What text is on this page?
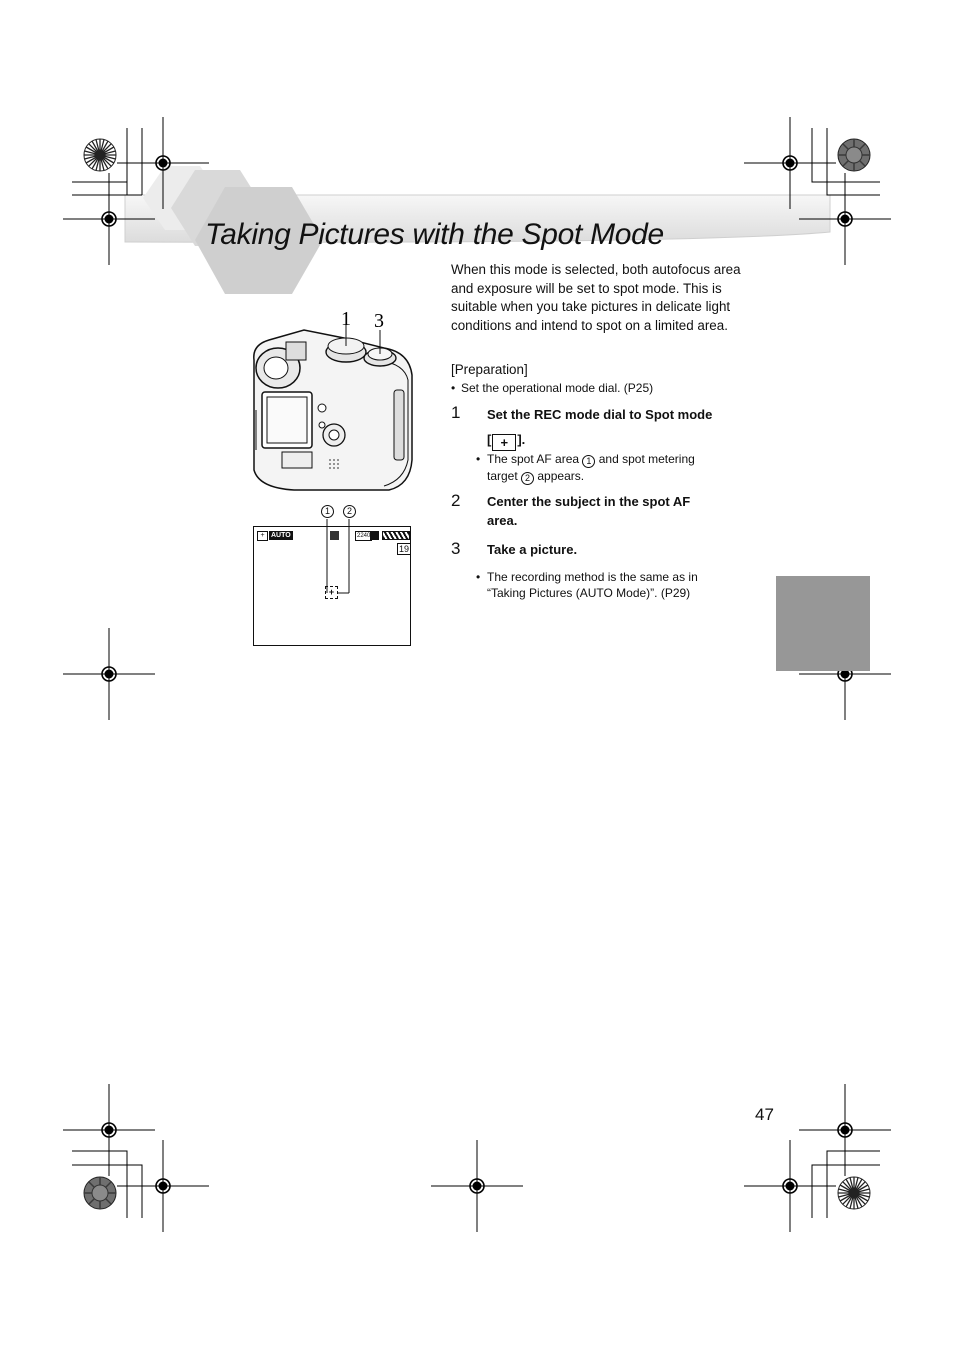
Taking Pictures with the Spot Mode
1 3
1	2
+ AUTO	2240
19
+
When this mode is selected, both autofocus area and exposure will be set to spot mode. This is suitable when you take pictures in delicate light conditions and intend to spot on a limited area.
[Preparation]
• Set the operational mode dial. (P25)
1 Set the REC mode dial to Spot mode
[ + ].
• The spot AF area 1 and spot metering
target 2 appears.
2 Center the subject in the spot AF
area.
3 Take a picture.
• The recording method is the same as in
“Taking Pictures (AUTO Mode)”. (P29)
47
